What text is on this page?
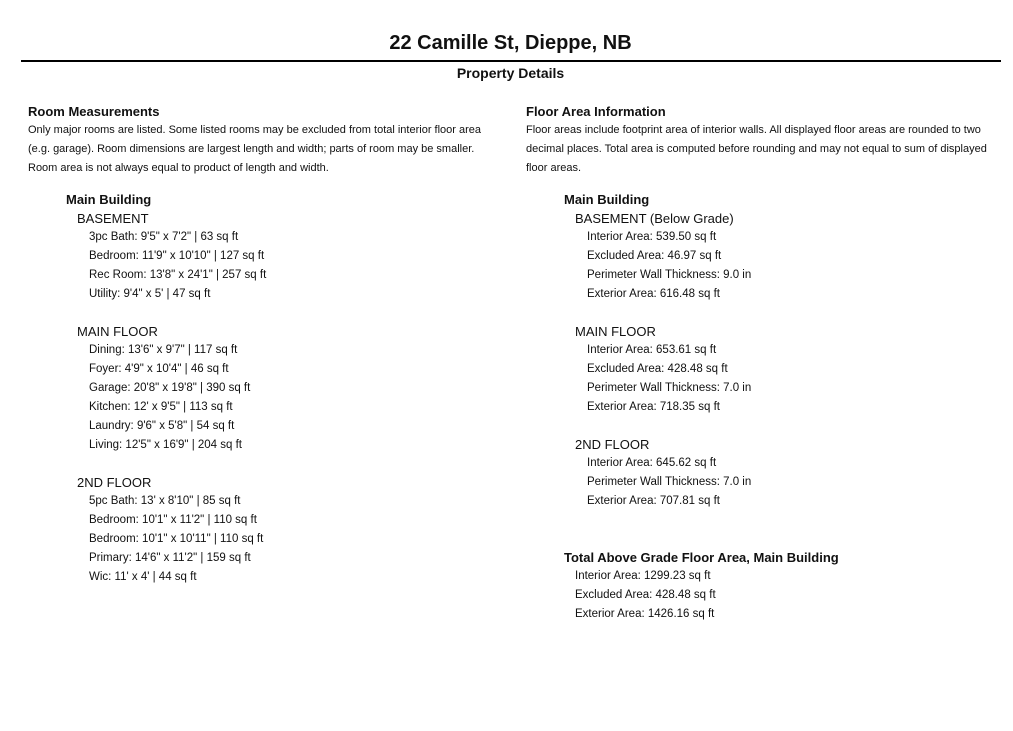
22 Camille St, Dieppe, NB
Property Details
Room Measurements
Only major rooms are listed. Some listed rooms may be excluded from total interior floor area (e.g. garage). Room dimensions are largest length and width; parts of room may be smaller. Room area is not always equal to product of length and width.
Main Building
BASEMENT
3pc Bath: 9'5" x 7'2" | 63 sq ft
Bedroom: 11'9" x 10'10" | 127 sq ft
Rec Room: 13'8" x 24'1" | 257 sq ft
Utility: 9'4" x 5' | 47 sq ft
MAIN FLOOR
Dining: 13'6" x 9'7" | 117 sq ft
Foyer: 4'9" x 10'4" | 46 sq ft
Garage: 20'8" x 19'8" | 390 sq ft
Kitchen: 12' x 9'5" | 113 sq ft
Laundry: 9'6" x 5'8" | 54 sq ft
Living: 12'5" x 16'9" | 204 sq ft
2ND FLOOR
5pc Bath: 13' x 8'10" | 85 sq ft
Bedroom: 10'1" x 11'2" | 110 sq ft
Bedroom: 10'1" x 10'11" | 110 sq ft
Primary: 14'6" x 11'2" | 159 sq ft
Wic: 11' x 4' | 44 sq ft
Floor Area Information
Floor areas include footprint area of interior walls. All displayed floor areas are rounded to two decimal places. Total area is computed before rounding and may not equal to sum of displayed floor areas.
Main Building
BASEMENT (Below Grade)
Interior Area: 539.50 sq ft
Excluded Area: 46.97 sq ft
Perimeter Wall Thickness: 9.0 in
Exterior Area: 616.48 sq ft
MAIN FLOOR
Interior Area: 653.61 sq ft
Excluded Area: 428.48 sq ft
Perimeter Wall Thickness: 7.0 in
Exterior Area: 718.35 sq ft
2ND FLOOR
Interior Area: 645.62 sq ft
Perimeter Wall Thickness: 7.0 in
Exterior Area: 707.81 sq ft
Total Above Grade Floor Area, Main Building
Interior Area: 1299.23 sq ft
Excluded Area: 428.48 sq ft
Exterior Area: 1426.16 sq ft
